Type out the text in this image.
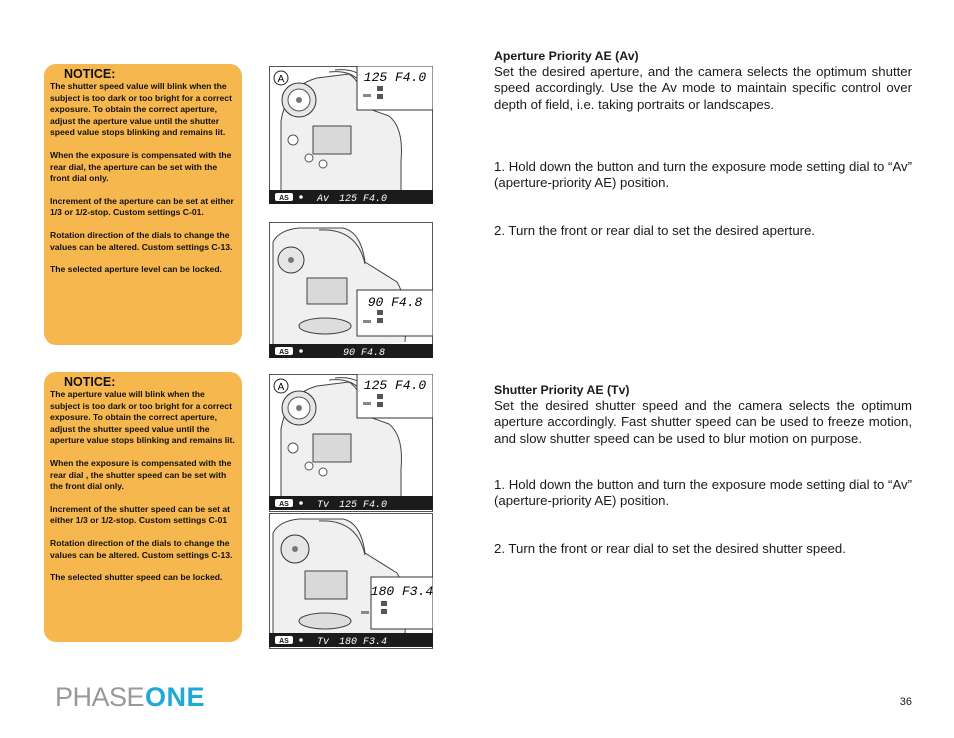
NOTICE:

The shutter speed value will blink when the subject is too dark or too bright for a correct exposure. To obtain the correct aperture, adjust the aperture value until the shutter speed value stops blinking and remains lit.

When the exposure is compensated with the rear dial, the aperture can be set with the front dial only.

Increment of the aperture can be set at either 1/3 or 1/2-stop. Custom settings C-01.

Rotation direction of the dials to change the values can be altered. Custom settings C-13.

The selected aperture level can be locked.

NOTICE:

The aperture value will blink when the subject is too dark or too bright for a correct exposure. To obtain the correct aperture, adjust the shutter speed value until the aperture value stops blinking and remains lit.

When the exposure is compensated with the rear dial , the shutter speed can be set with the front dial only.

Increment of the shutter speed can be set at either 1/3 or 1/2-stop. Custom settings C-01

Rotation direction of the dials to change the values can be altered. Custom settings C-13.

The selected shutter speed can be locked.

A	125 F4.0
AS	Av 125 F4.0
90 F4.8
AS	90 F4.8
A	125 F4.0
AS	Tv 125 F4.0
180 F3.4
AS	Tv 180 F3.4
Aperture Priority AE (Av)

Set the desired aperture, and the camera selects the optimum shutter speed accordingly. Use the Av mode to maintain specific control over depth of field, i.e. taking portraits or landscapes.

1. Hold down the button and turn the exposure mode setting dial to “Av” (aperture-priority AE) position.

2. Turn the front or rear dial to set the desired aperture.

Shutter Priority AE (Tv)

Set the desired shutter speed and the camera selects the optimum aperture accordingly. Fast shutter speed can be used to freeze motion, and slow shutter speed can be used to blur motion on purpose.

1. Hold down the button and turn the exposure mode setting dial to “Av” (aperture-priority AE) position.

2. Turn the front or rear dial to set the desired shutter speed.

PHASE ONE	36
